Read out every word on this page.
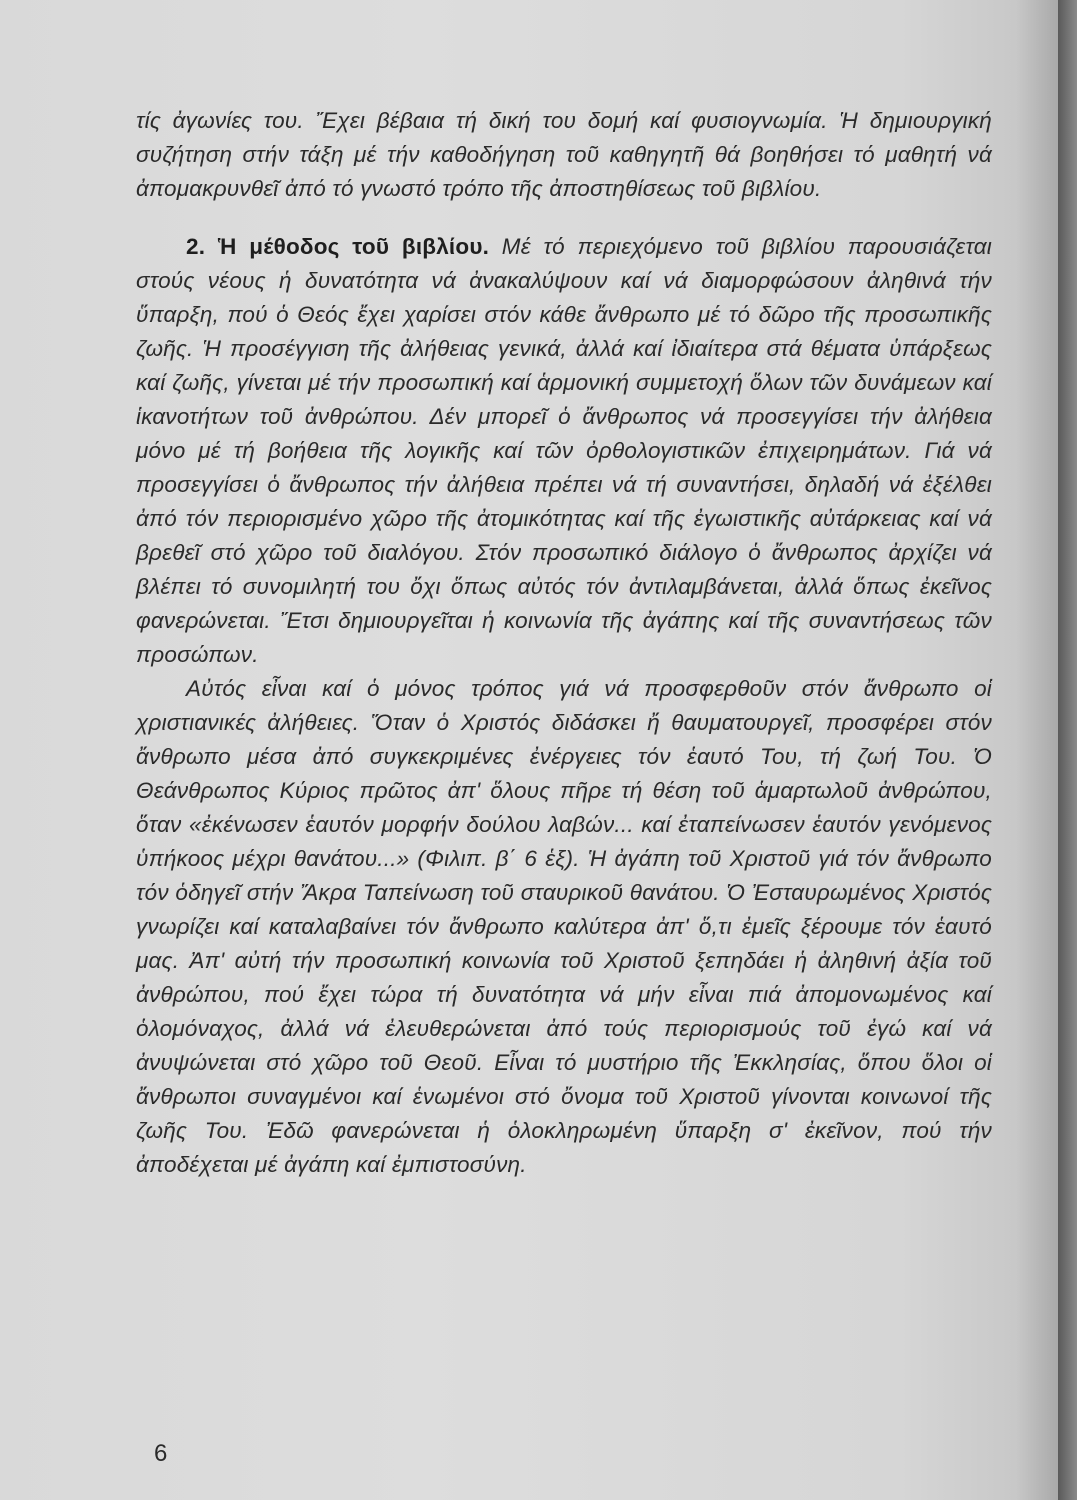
τίς ἀγωνίες του. Ἔχει βέβαια τή δική του δομή καί φυσιογνωμία. Ἡ δημιουργική συζήτηση στήν τάξη μέ τήν καθοδήγηση τοῦ καθηγητῆ θά βοηθήσει τό μαθητή νά ἀπομακρυνθεῖ ἀπό τό γνωστό τρόπο τῆς ἀποστηθίσεως τοῦ βιβλίου.

2. Ἡ μέθοδος τοῦ βιβλίου. Μέ τό περιεχόμενο τοῦ βιβλίου παρουσιάζεται στούς νέους ἡ δυνατότητα νά ἀνακαλύψουν καί νά διαμορφώσουν ἀληθινά τήν ὕπαρξη, πού ὁ Θεός ἔχει χαρίσει στόν κάθε ἄνθρωπο μέ τό δῶρο τῆς προσωπικῆς ζωῆς. Ἡ προσέγγιση τῆς ἀλήθειας γενικά, ἀλλά καί ἰδιαίτερα στά θέματα ὑπάρξεως καί ζωῆς, γίνεται μέ τήν προσωπική καί ἁρμονική συμμετοχή ὅλων τῶν δυνάμεων καί ἱκανοτήτων τοῦ ἀνθρώπου. Δέν μπορεῖ ὁ ἄνθρωπος νά προσεγγίσει τήν ἀλήθεια μόνο μέ τή βοήθεια τῆς λογικῆς καί τῶν ὀρθολογιστικῶν ἐπιχειρημάτων. Γιά νά προσεγγίσει ὁ ἄνθρωπος τήν ἀλήθεια πρέπει νά τή συναντήσει, δηλαδή νά ἐξέλθει ἀπό τόν περιορισμένο χῶρο τῆς ἀτομικότητας καί τῆς ἐγωιστικῆς αὐτάρκειας καί νά βρεθεῖ στό χῶρο τοῦ διαλόγου. Στόν προσωπικό διάλογο ὁ ἄνθρωπος ἀρχίζει νά βλέπει τό συνομιλητή του ὄχι ὅπως αὐτός τόν ἀντιλαμβάνεται, ἀλλά ὅπως ἐκεῖνος φανερώνεται. Ἔτσι δημιουργεῖται ἡ κοινωνία τῆς ἀγάπης καί τῆς συναντήσεως τῶν προσώπων.

Αὐτός εἶναι καί ὁ μόνος τρόπος γιά νά προσφερθοῦν στόν ἄνθρωπο οἱ χριστιανικές ἀλήθειες. Ὅταν ὁ Χριστός διδάσκει ἤ θαυματουργεῖ, προσφέρει στόν ἄνθρωπο μέσα ἀπό συγκεκριμένες ἐνέργειες τόν ἑαυτό Του, τή ζωή Του. Ὁ Θεάνθρωπος Κύριος πρῶτος ἀπ' ὅλους πῆρε τή θέση τοῦ ἁμαρτωλοῦ ἀνθρώπου, ὅταν «ἐκένωσεν ἑαυτόν μορφήν δούλου λαβών... καί ἐταπείνωσεν ἑαυτόν γενόμενος ὑπήκοος μέχρι θανάτου...» (Φιλιπ. β΄ 6 ἑξ). Ἡ ἀγάπη τοῦ Χριστοῦ γιά τόν ἄνθρωπο τόν ὁδηγεῖ στήν Ἄκρα Ταπείνωση τοῦ σταυρικοῦ θανάτου. Ὁ Ἐσταυρωμένος Χριστός γνωρίζει καί καταλαβαίνει τόν ἄνθρωπο καλύτερα ἀπ' ὅ,τι ἐμεῖς ξέρουμε τόν ἑαυτό μας. Ἀπ' αὐτή τήν προσωπική κοινωνία τοῦ Χριστοῦ ξεπηδάει ἡ ἀληθινή ἀξία τοῦ ἀνθρώπου, πού ἔχει τώρα τή δυνατότητα νά μήν εἶναι πιά ἀπομονωμένος καί ὁλομόναχος, ἀλλά νά ἐλευθερώνεται ἀπό τούς περιορισμούς τοῦ ἐγώ καί νά ἀνυψώνεται στό χῶρο τοῦ Θεοῦ. Εἶναι τό μυστήριο τῆς Ἐκκλησίας, ὅπου ὅλοι οἱ ἄνθρωποι συναγμένοι καί ἑνωμένοι στό ὄνομα τοῦ Χριστοῦ γίνονται κοινωνοί τῆς ζωῆς Του. Ἐδῶ φανερώνεται ἡ ὁλοκληρωμένη ὕπαρξη σ' ἐκεῖνον, πού τήν ἀποδέχεται μέ ἀγάπη καί ἐμπιστοσύνη.

6
